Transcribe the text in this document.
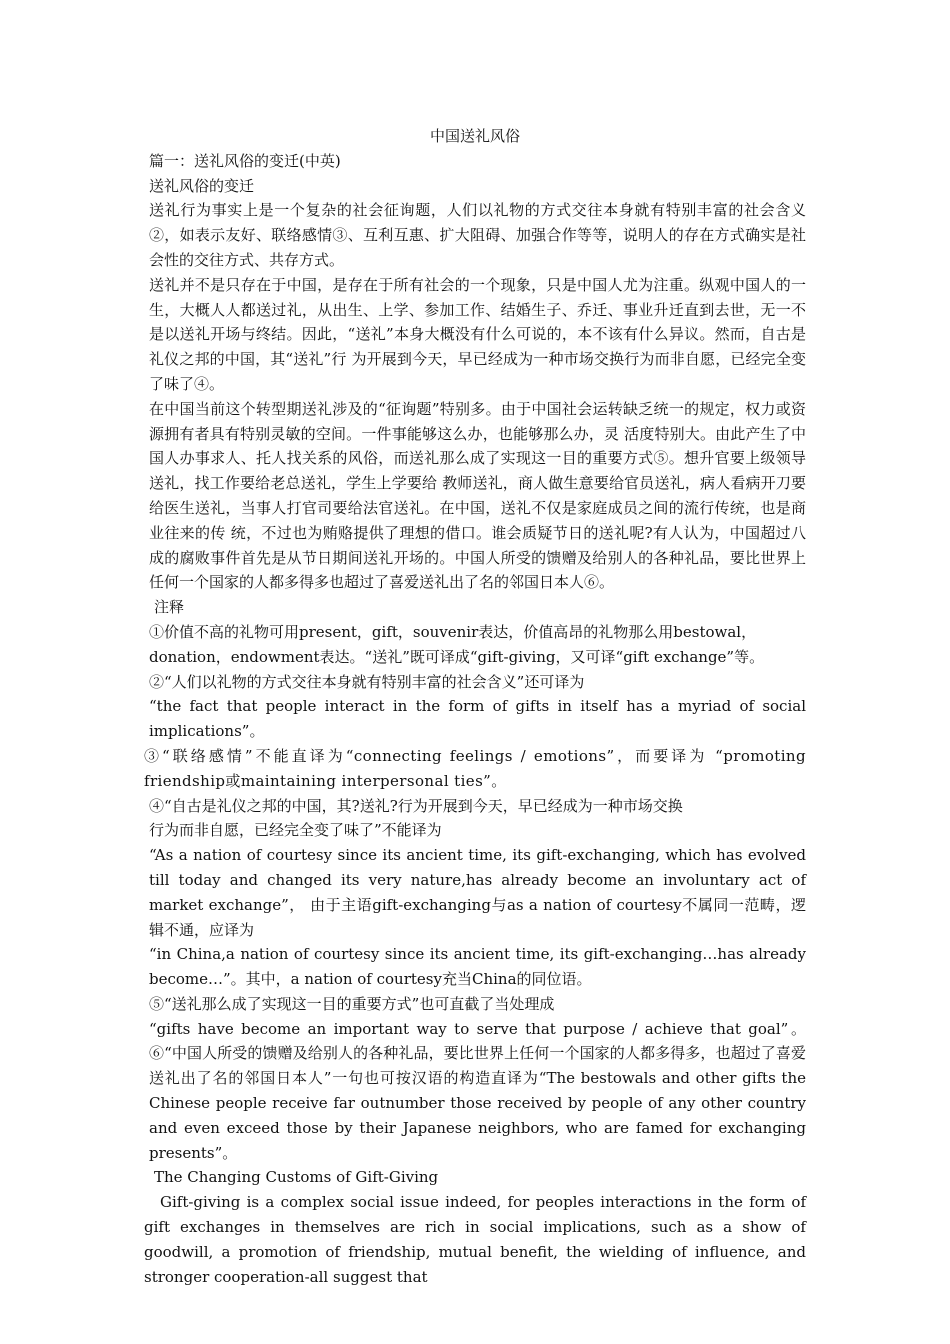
中国送礼风俗

篇一：送礼风俗的变迁(中英)

送礼风俗的变迁

送礼行为事实上是一个复杂的社会征询题，人们以礼物的方式交往本身就有特别丰富的社会含义②，如表示友好、联络感情③、互利互惠、扩大阻碍、加强合作等等，说明人的存在方式确实是社会性的交往方式、共存方式。

送礼并不是只存在于中国，是存在于所有社会的一个现象，只是中国人尤为注重。纵观中国人的一生，大概人人都送过礼，从出生、上学、参加工作、结婚生子、乔迁、事业升迁直到去世，无一不是以送礼开场与终结。因此，“送礼”本身大概没有什么可说的，本不该有什么异议。然而，自古是礼仪之邦的中国，其“送礼”行 为开展到今天，早已经成为一种市场交换行为而非自愿，已经完全变了味了④。

在中国当前这个转型期送礼涉及的“征询题”特别多。由于中国社会运转缺乏统一的规定，权力或资源拥有者具有特别灵敏的空间。一件事能够这么办，也能够那么办，灵 活度特别大。由此产生了中国人办事求人、托人找关系的风俗，而送礼那么成了实现这一目的重要方式⑤。想升官要上级领导送礼，找工作要给老总送礼，学生上学要给 教师送礼，商人做生意要给官员送礼，病人看病开刀要给医生送礼，当事人打官司要给法官送礼。在中国，送礼不仅是家庭成员之间的流行传统，也是商业往来的传 统，不过也为贿赂提供了理想的借口。谁会质疑节日的送礼呢?有人认为，中国超过八成的腐败事件首先是从节日期间送礼开场的。中国人所受的馈赠及给别人的各种礼品，要比世界上任何一个国家的人都多得多也超过了喜爱送礼出了名的邻国日本人⑥。

注释

①价值不高的礼物可用present，gift，souvenir表达，价值高昂的礼物那么用bestowal，

donation，endowment表达。“送礼”既可译成“gift-giving，又可译“gift exchange”等。

②“人们以礼物的方式交往本身就有特别丰富的社会含义”还可译为

“the fact that people interact in the form of gifts in itself has a myriad of social implications”。

③“联络感情”不能直译为“connecting feelings / emotions”，而要译为 “promoting friendship或maintaining interpersonal ties”。

④“自古是礼仪之邦的中国，其?送礼?行为开展到今天，早已经成为一种市场交换

行为而非自愿，已经完全变了味了”不能译为

“As a nation of courtesy since its ancient time, its gift-exchanging, which has evolved till today and changed its very nature,has already become an involuntary act of market exchange”， 由于主语gift-exchanging与as a nation of courtesy不属同一范畴，逻辑不通，应译为

“in China,a nation of courtesy since its ancient time, its gift-exchanging…has already become…”。其中，a nation of courtesy充当China的同位语。

⑤“送礼那么成了实现这一目的重要方式”也可直截了当处理成

“gifts have become an important way to serve that purpose / achieve that goal”。 ⑥“中国人所受的馈赠及给别人的各种礼品，要比世界上任何一个国家的人都多得多，也超过了喜爱送礼出了名的邻国日本人”一句也可按汉语的构造直译为“The bestowals and other gifts the Chinese people receive far outnumber those received by people of any other country and even exceed those by their Japanese neighbors, who are famed for exchanging presents”。

The Changing Customs of Gift-Giving

Gift-giving is a complex social issue indeed, for peoples interactions in the form of gift exchanges in themselves are rich in social implications, such as a show of goodwill, a promotion of friendship, mutual benefit, the wielding of influence, and stronger cooperation-all suggest that
